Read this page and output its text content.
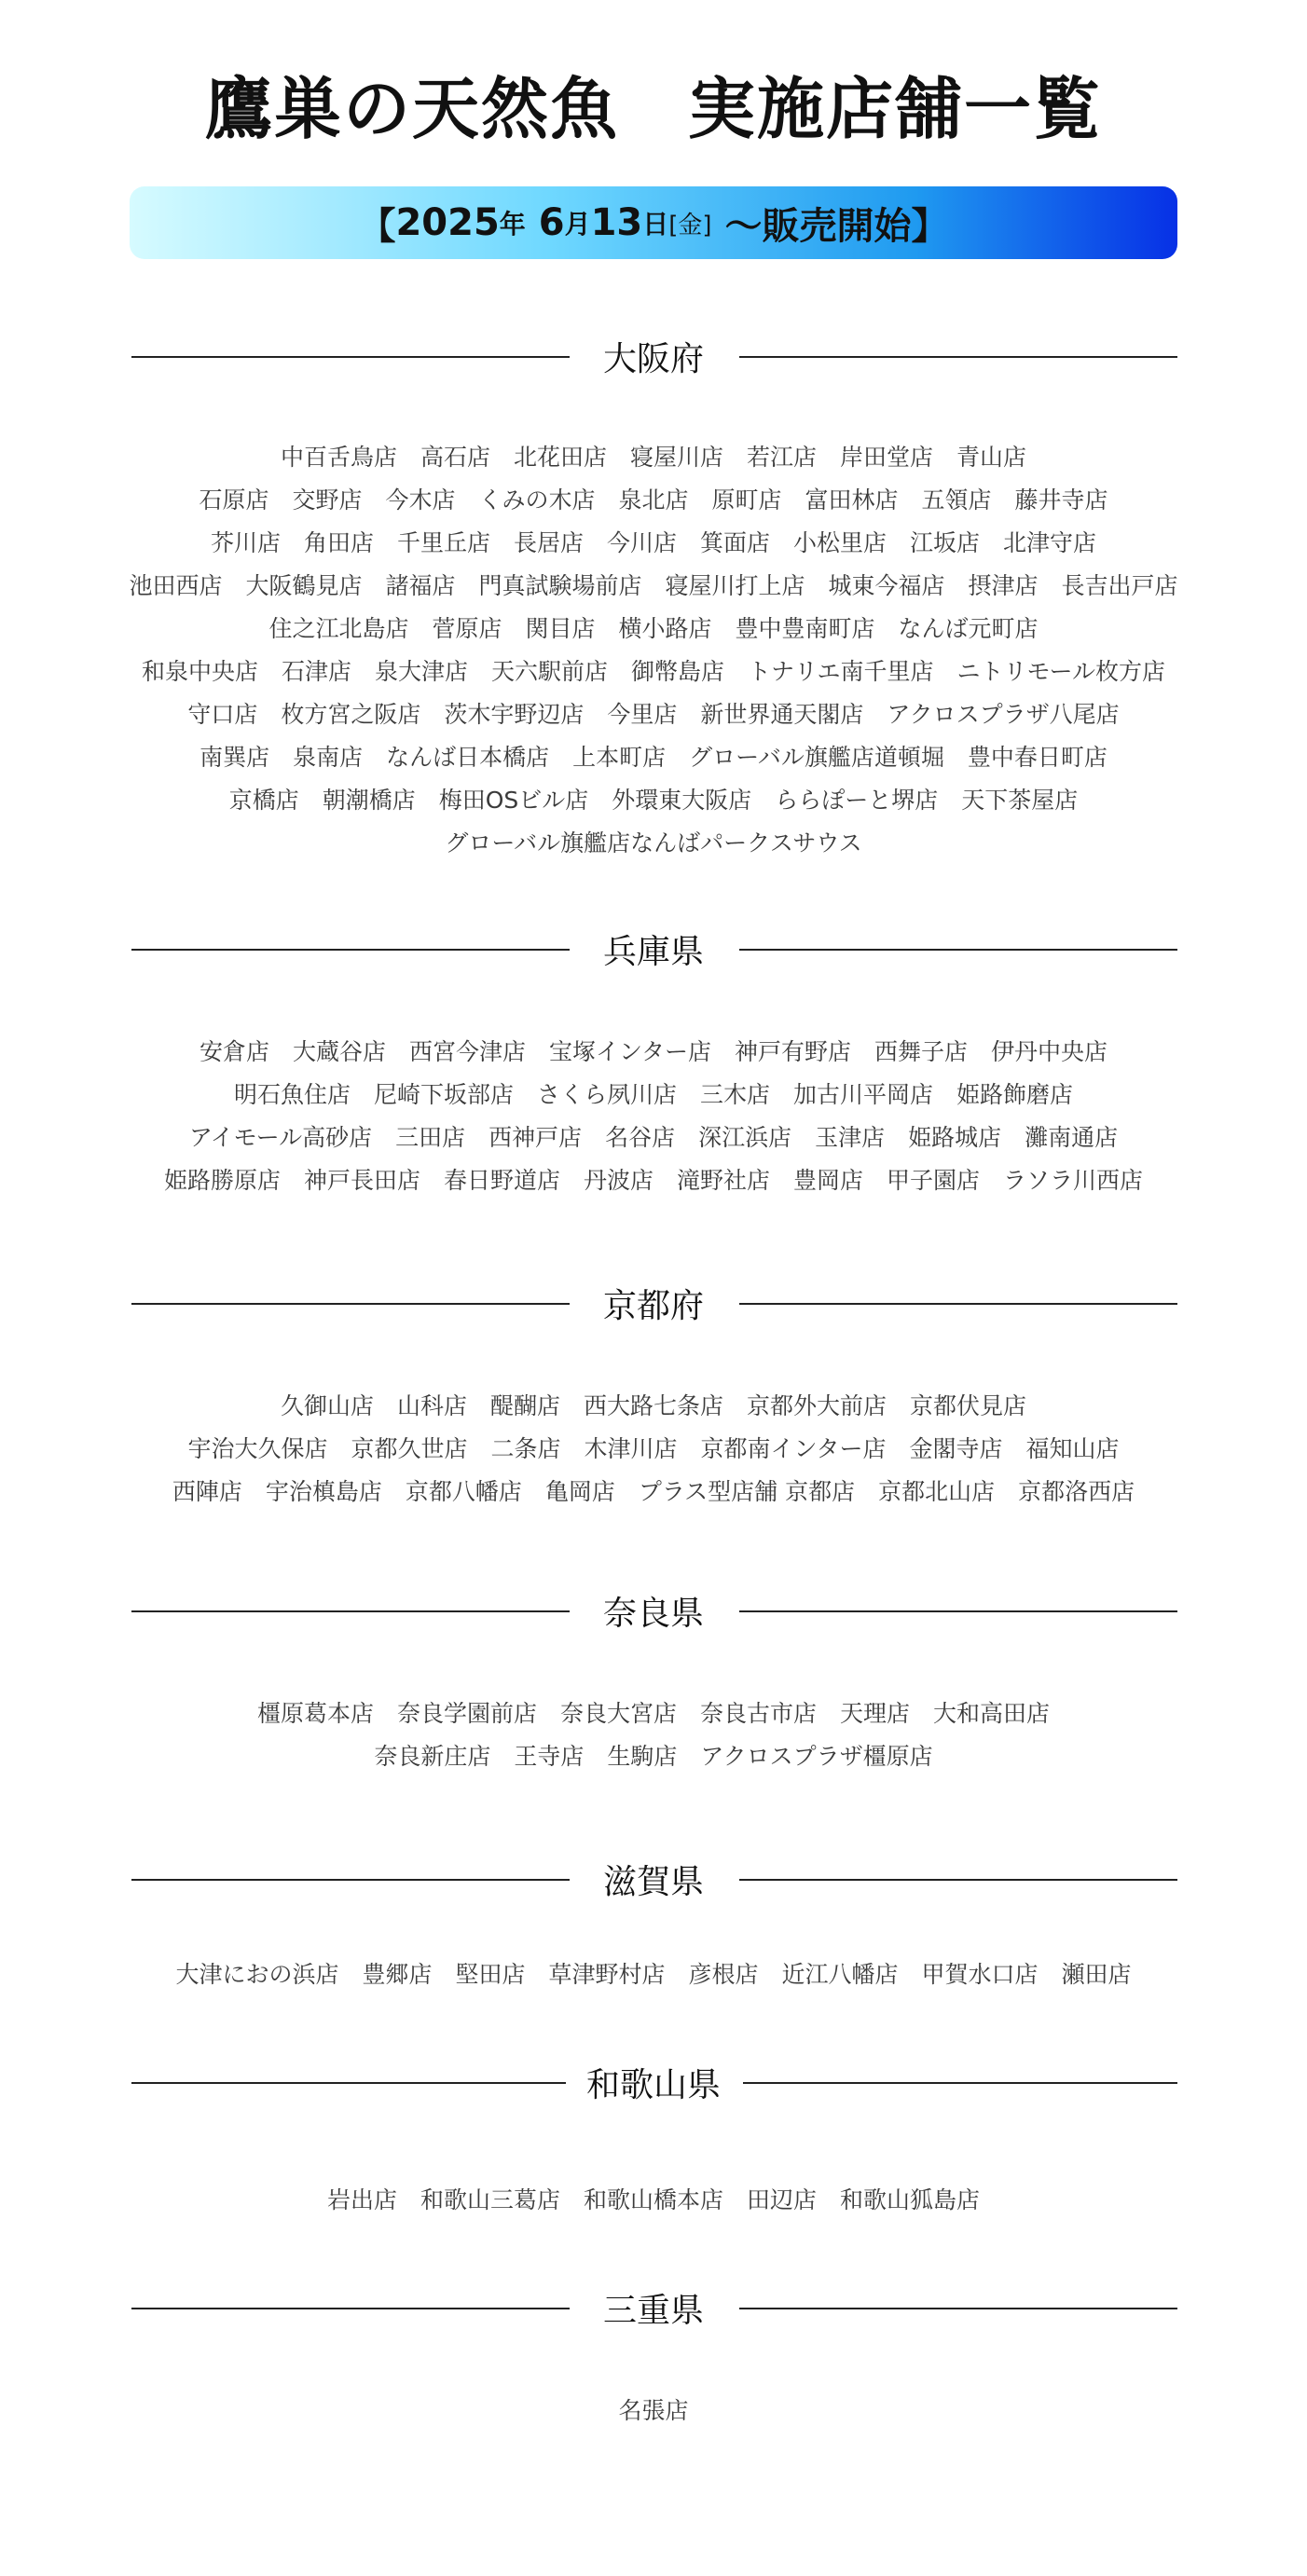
鷹巣の天然魚　実施店舗一覧
【 2025 年 6 月 13 日 [金] 〜販売開始】
大阪府
中百舌鳥店　高石店　北花田店　寝屋川店　若江店　岸田堂店　青山店
石原店　交野店　今木店　くみの木店　泉北店　原町店　富田林店　五領店　藤井寺店
芥川店　角田店　千里丘店　長居店　今川店　箕面店　小松里店　江坂店　北津守店
池田西店　大阪鶴見店　諸福店　門真試験場前店　寝屋川打上店　城東今福店　摂津店　長吉出戸店
住之江北島店　菅原店　関目店　横小路店　豊中豊南町店　なんば元町店
和泉中央店　石津店　泉大津店　天六駅前店　御幣島店　トナリエ南千里店　ニトリモール枚方店
守口店　枚方宮之阪店　茨木宇野辺店　今里店　新世界通天閣店　アクロスプラザ八尾店
南巽店　泉南店　なんば日本橋店　上本町店　グローバル旗艦店道頓堀　豊中春日町店
京橋店　朝潮橋店　梅田OSビル店　外環東大阪店　ららぽーと堺店　天下茶屋店
グローバル旗艦店なんばパークスサウス
兵庫県
安倉店　大蔵谷店　西宮今津店　宝塚インター店　神戸有野店　西舞子店　伊丹中央店
明石魚住店　尼崎下坂部店　さくら夙川店　三木店　加古川平岡店　姫路飾磨店
アイモール高砂店　三田店　西神戸店　名谷店　深江浜店　玉津店　姫路城店　灘南通店
姫路勝原店　神戸長田店　春日野道店　丹波店　滝野社店　豊岡店　甲子園店　ラソラ川西店
京都府
久御山店　山科店　醍醐店　西大路七条店　京都外大前店　京都伏見店
宇治大久保店　京都久世店　二条店　木津川店　京都南インター店　金閣寺店　福知山店
西陣店　宇治槙島店　京都八幡店　亀岡店　プラス型店舗 京都店　京都北山店　京都洛西店
奈良県
橿原葛本店　奈良学園前店　奈良大宮店　奈良古市店　天理店　大和高田店
奈良新庄店　王寺店　生駒店　アクロスプラザ橿原店
滋賀県
大津におの浜店　豊郷店　堅田店　草津野村店　彦根店　近江八幡店　甲賀水口店　瀬田店
和歌山県
岩出店　和歌山三葛店　和歌山橋本店　田辺店　和歌山狐島店
三重県
名張店
